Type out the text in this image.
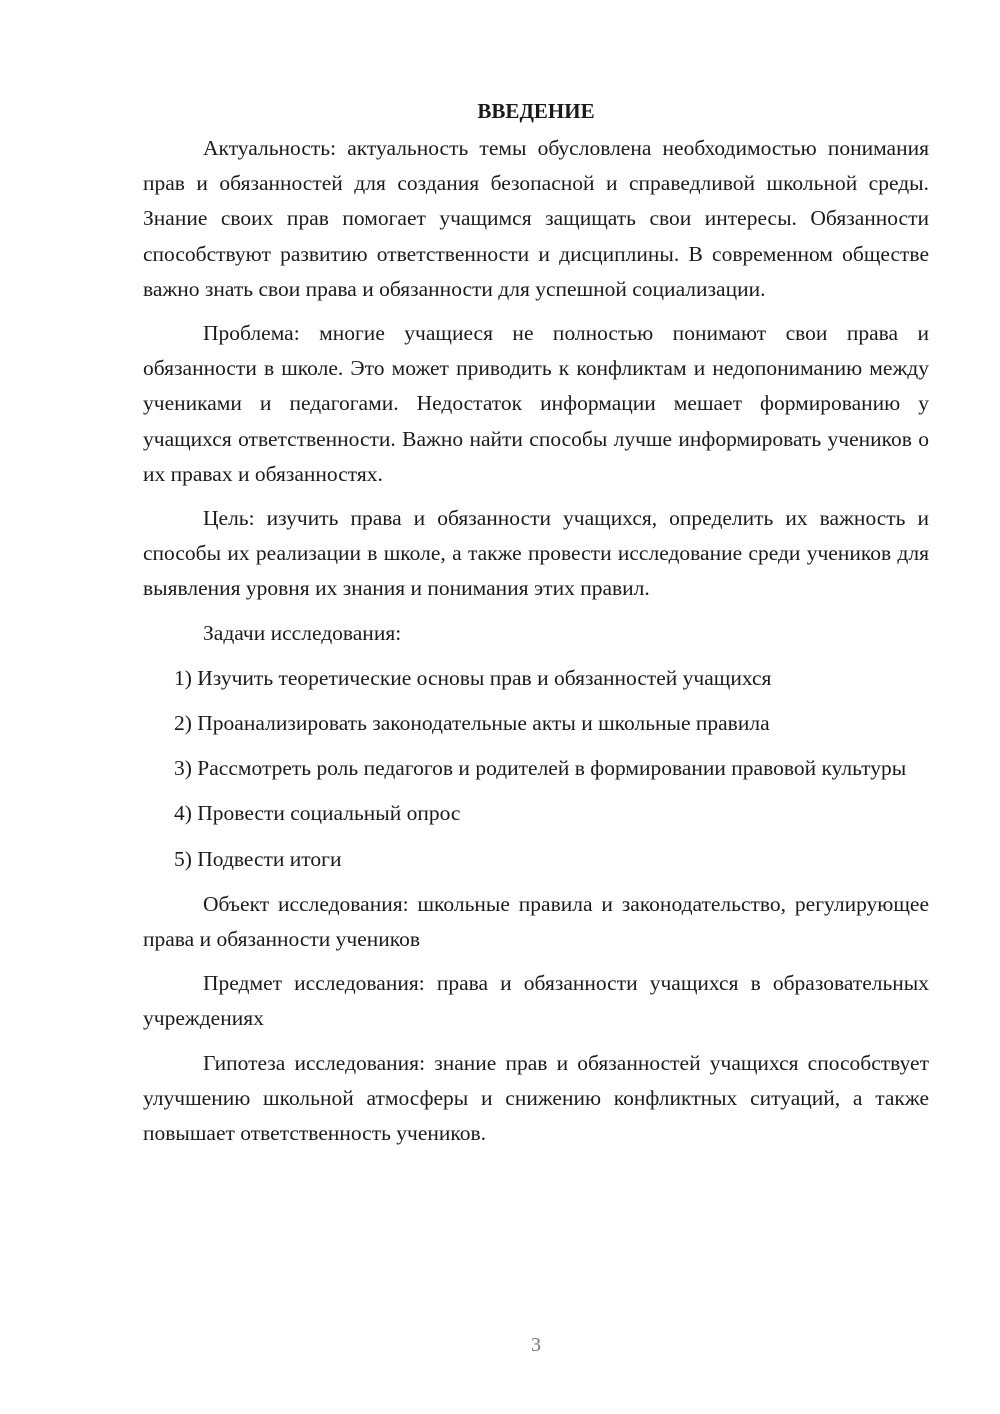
ВВЕДЕНИЕ

Актуальность: актуальность темы обусловлена необходимостью понимания прав и обязанностей для создания безопасной и справедливой школьной среды. Знание своих прав помогает учащимся защищать свои интересы. Обязанности способствуют развитию ответственности и дисциплины. В современном обществе важно знать свои права и обязанности для успешной социализации.

Проблема: многие учащиеся не полностью понимают свои права и обязанности в школе. Это может приводить к конфликтам и недопониманию между учениками и педагогами. Недостаток информации мешает формированию у учащихся ответственности. Важно найти способы лучше информировать учеников о их правах и обязанностях.

Цель: изучить права и обязанности учащихся, определить их важность и способы их реализации в школе, а также провести исследование среди учеников для выявления уровня их знания и понимания этих правил.

Задачи исследования:

1) Изучить теоретические основы прав и обязанностей учащихся

2) Проанализировать законодательные акты и школьные правила

3) Рассмотреть роль педагогов и родителей в формировании правовой культуры

4) Провести социальный опрос

5) Подвести итоги

Объект исследования: школьные правила и законодательство, регулирующее права и обязанности учеников

Предмет исследования: права и обязанности учащихся в образовательных учреждениях

Гипотеза исследования: знание прав и обязанностей учащихся способствует улучшению школьной атмосферы и снижению конфликтных ситуаций, а также повышает ответственность учеников.

3
